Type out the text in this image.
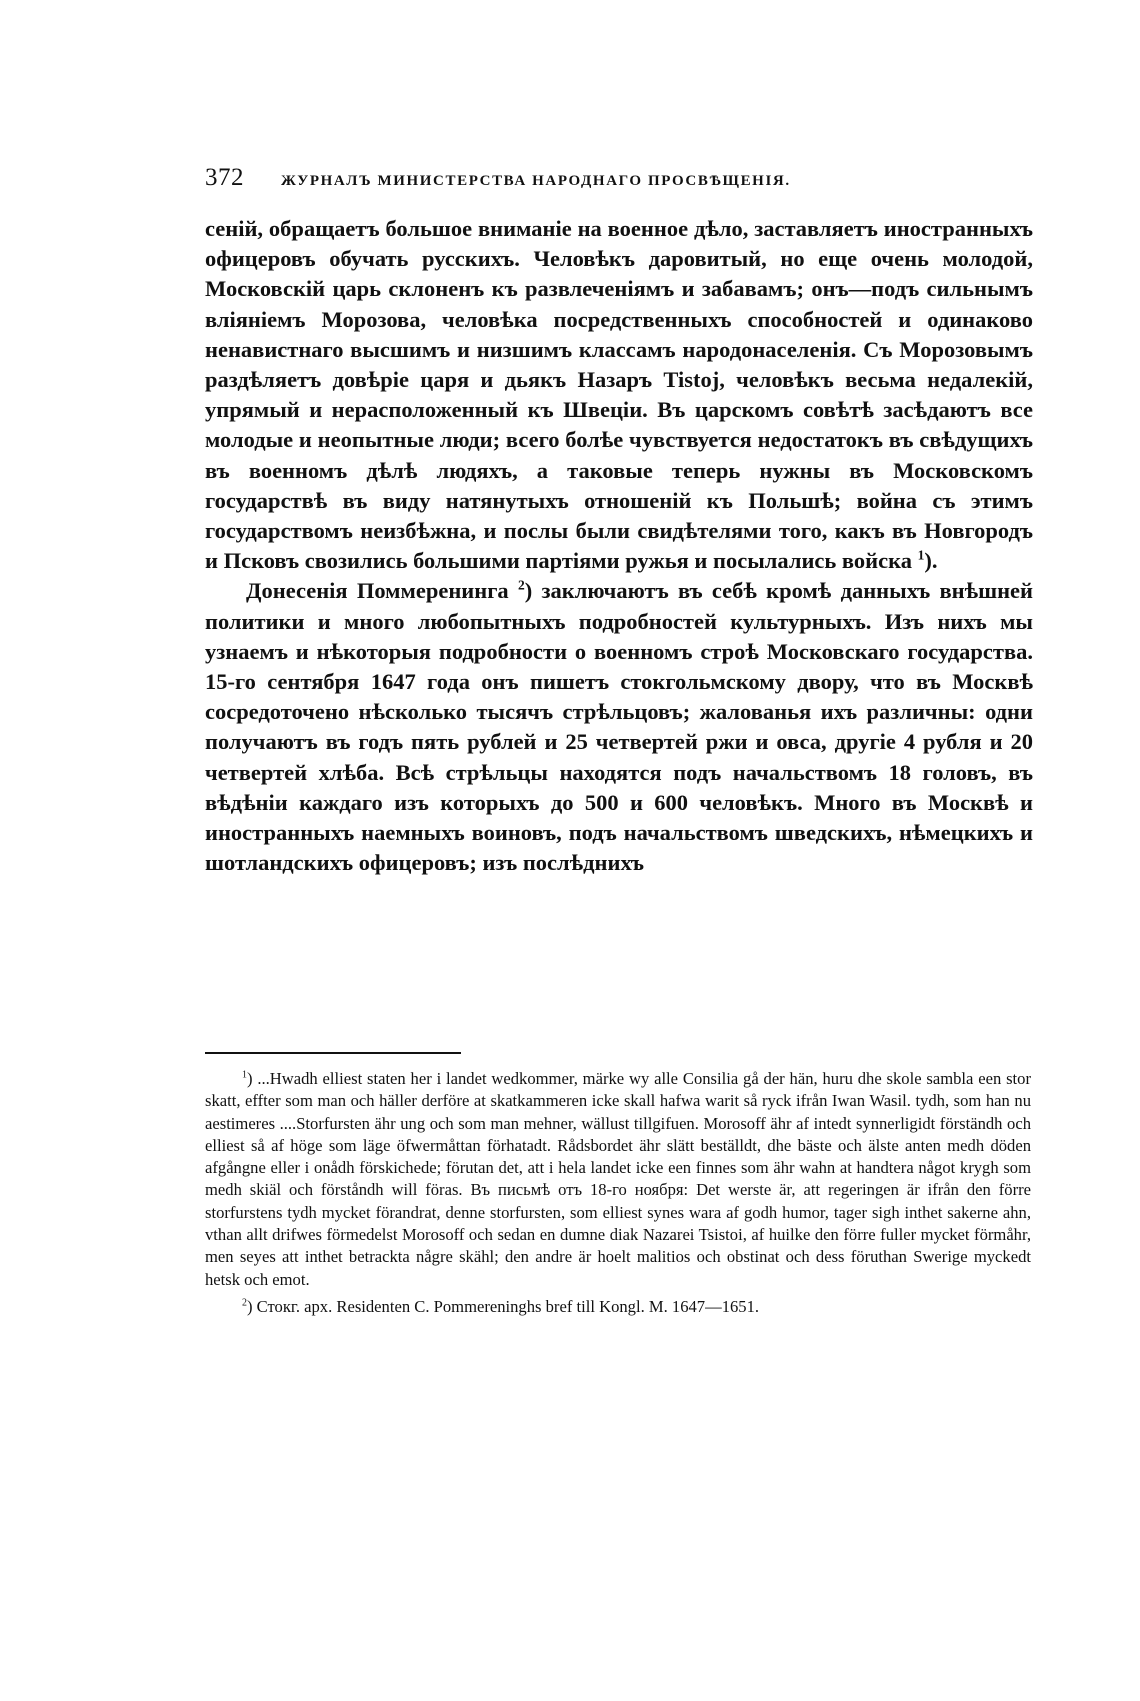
372	ЖУРНАЛЪ МИНИСТЕРСТВА НАРОДНАГО ПРОСВѢЩЕНІЯ.

сеній, обращаетъ большое вниманіе на военное дѣло, заставляетъ иностранныхъ офицеровъ обучать русскихъ. Человѣкъ даровитый, но еще очень молодой, Московскій царь склоненъ къ развлеченіямъ и забавамъ; онъ—подъ сильнымъ вліяніемъ Морозова, человѣка посредственныхъ способностей и одинаково ненавистнаго высшимъ и низшимъ классамъ народонаселенія. Съ Морозовымъ раздѣляетъ довѣріе царя и дьякъ Назаръ Tistoj, человѣкъ весьма недалекій, упрямый и нерасположенный къ Швеціи. Въ царскомъ совѣтѣ засѣдаютъ все молодые и неопытные люди; всего болѣе чувствуется недостатокъ въ свѣдущихъ въ военномъ дѣлѣ людяхъ, а таковые теперь нужны въ Московскомъ государствѣ въ виду натянутыхъ отношеній къ Польшѣ; война съ этимъ государствомъ неизбѣжна, и послы были свидѣтелями того, какъ въ Новгородъ и Псковъ свозились большими партіями ружья и посылались войска $^1$).

Донесенія Поммеренинга $^2$) заключаютъ въ себѣ кромѣ данныхъ внѣшней политики и много любопытныхъ подробностей культурныхъ. Изъ нихъ мы узнаемъ и нѣкоторыя подробности о военномъ строѣ Московскаго государства. 15-го сентября 1647 года онъ пишетъ стокгольмскому двору, что въ Москвѣ сосредоточено нѣсколько тысячъ стрѣльцовъ; жалованья ихъ различны: одни получаютъ въ годъ пять рублей и 25 четвертей ржи и овса, другіе 4 рубля и 20 четвертей хлѣба. Всѣ стрѣльцы находятся подъ начальствомъ 18 головъ, въ вѣдѣніи каждаго изъ которыхъ до 500 и 600 человѣкъ. Много въ Москвѣ и иностранныхъ наемныхъ воиновъ, подъ начальствомъ шведскихъ, нѣмецкихъ и шотландскихъ офицеровъ; изъ послѣднихъ

$^1$) ...Hwadh elliest staten her i landet wedkommer, märke wy alle Consilia gå der hän, huru dhe skole sambla een stor skatt, effter som man och häller derföre at skatkammeren icke skall hafwa warit så ryck ifrån Iwan Wasil. tydh, som han nu aestimeres ....Storfursten ähr ung och som man mehner, wällust tillgifuen. Morosoff ähr af intedt synnerligidt förständh och elliest så af höge som läge öfwermåttan förhatadt. Rådsbordet ähr slätt beställdt, dhe bäste och älste anten medh döden afgångne eller i onådh förskichede; förutan det, att i hela landet icke een finnes som ähr wahn at handtera något krygh som medh skiäl och förståndh will föras. Въ письмѣ отъ 18-го ноября: Det werste är, att regeringen är ifrån den förre storfurstens tydh mycket förandrat, denne storfursten, som elliest synes wara af godh humor, tager sigh inthet sakerne ahn, vthan allt drifwes förmedelst Morosoff och sedan en dumne diak Nazarei Tsistoi, af huilke den förre fuller mycket förmåhr, men seyes att inthet betrackta någre skähl; den andre är hoelt malitios och obstinat och dess föruthan Swerige myckedt hetsk och emot.

$^2$) Стокг. арх. Residenten C. Pommereninghs bref till Kongl. M. 1647—1651.
